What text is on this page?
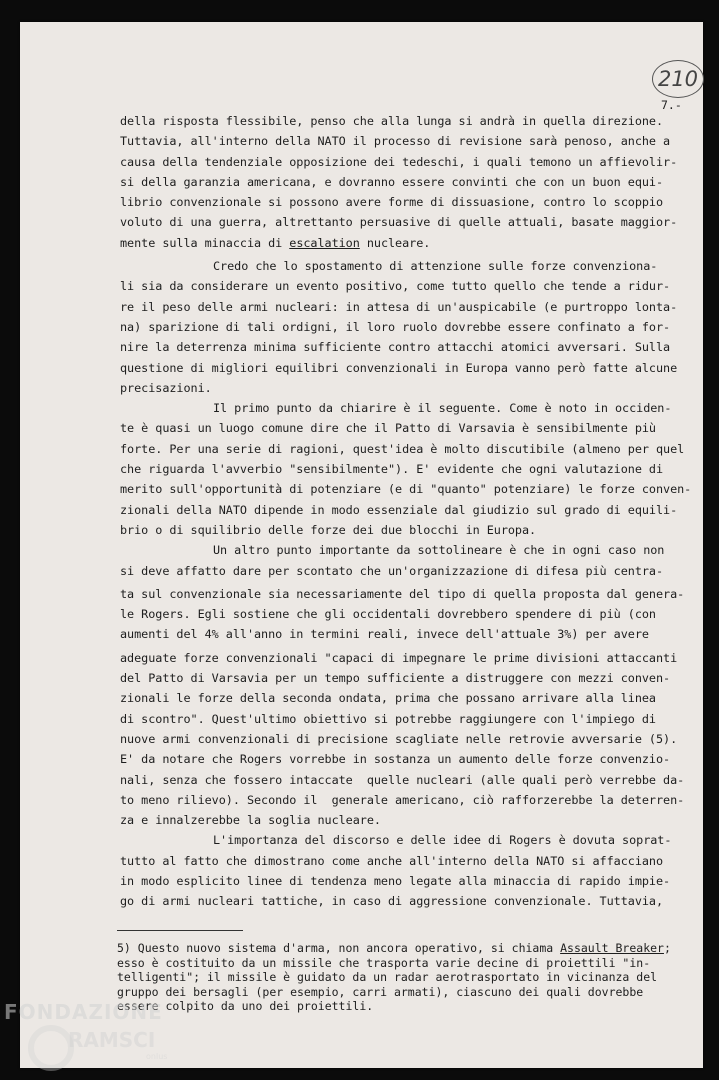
210
7.-
della risposta flessibile, penso che alla lunga si andrà in quella direzione.
Tuttavia, all'interno della NATO il processo di revisione sarà penoso, anche a
causa della tendenziale opposizione dei tedeschi, i quali temono un affievolir-
si della garanzia americana, e dovranno essere convinti che con un buon equi-
librio convenzionale si possono avere forme di dissuasione, contro lo scoppio
voluto di una guerra, altrettanto persuasive di quelle attuali, basate maggior-
mente sulla minaccia di escalation nucleare.
Credo che lo spostamento di attenzione sulle forze convenziona-
li sia da considerare un evento positivo, come tutto quello che tende a ridur-
re il peso delle armi nucleari: in attesa di un'auspicabile (e purtroppo lonta-
na) sparizione di tali ordigni, il loro ruolo dovrebbe essere confinato a for-
nire la deterrenza minima sufficiente contro attacchi atomici avversari. Sulla
questione di migliori equilibri convenzionali in Europa vanno però fatte alcune
precisazioni.
Il primo punto da chiarire è il seguente. Come è noto in occiden-
te è quasi un luogo comune dire che il Patto di Varsavia è sensibilmente più
forte. Per una serie di ragioni, quest'idea è molto discutibile (almeno per quel
che riguarda l'avverbio "sensibilmente"). E' evidente che ogni valutazione di
merito sull'opportunità di potenziare (e di "quanto" potenziare) le forze conven-
zionali della NATO dipende in modo essenziale dal giudizio sul grado di equili-
brio o di squilibrio delle forze dei due blocchi in Europa.
Un altro punto importante da sottolineare è che in ogni caso non
si deve affatto dare per scontato che un'organizzazione di difesa più centra-
ta sul convenzionale sia necessariamente del tipo di quella proposta dal genera-
le Rogers. Egli sostiene che gli occidentali dovrebbero spendere di più (con
aumenti del 4% all'anno in termini reali, invece dell'attuale 3%) per avere
adeguate forze convenzionali "capaci di impegnare le prime divisioni attaccanti
del Patto di Varsavia per un tempo sufficiente a distruggere con mezzi conven-
zionali le forze della seconda ondata, prima che possano arrivare alla linea
di scontro". Quest'ultimo obiettivo si potrebbe raggiungere con l'impiego di
nuove armi convenzionali di precisione scagliate nelle retrovie avversarie (5).
E' da notare che Rogers vorrebbe in sostanza un aumento delle forze convenzio-
nali, senza che fossero intaccate  quelle nucleari (alle quali però verrebbe da-
to meno rilievo). Secondo il  generale americano, ciò rafforzerebbe la deterren-
za e innalzerebbe la soglia nucleare.
L'importanza del discorso e delle idee di Rogers è dovuta soprat-
tutto al fatto che dimostrano come anche all'interno della NATO si affacciano
in modo esplicito linee di tendenza meno legate alla minaccia di rapido impie-
go di armi nucleari tattiche, in caso di aggressione convenzionale. Tuttavia,
5) Questo nuovo sistema d'arma, non ancora operativo, si chiama Assault Breaker;
esso è costituito da un missile che trasporta varie decine di proiettili "in-
telligenti"; il missile è guidato da un radar aerotrasportato in vicinanza del
gruppo dei bersagli (per esempio, carri armati), ciascuno dei quali dovrebbe
essere colpito da uno dei proiettili.
FONDAZIONE
RAMSCI
onlus
